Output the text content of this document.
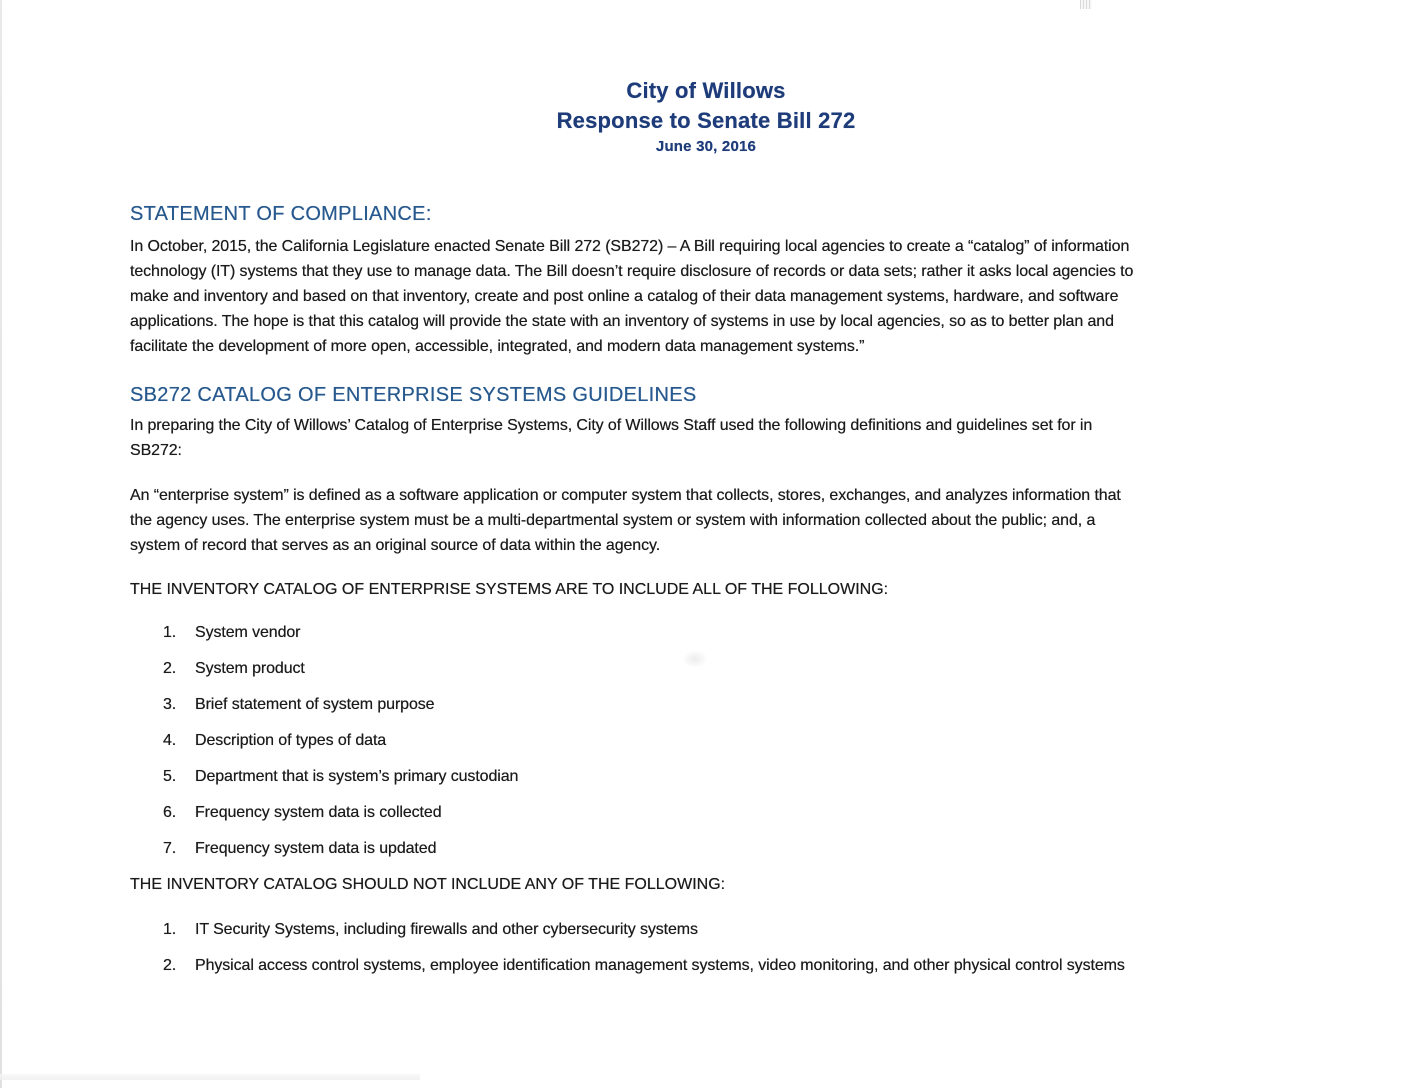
City of Willows
Response to Senate Bill 272
June 30, 2016
STATEMENT OF COMPLIANCE:
In October, 2015, the California Legislature enacted Senate Bill 272 (SB272) – A Bill requiring local agencies to create a “catalog” of information
technology (IT) systems that they use to manage data. The Bill doesn’t require disclosure of records or data sets; rather it asks local agencies to
make and inventory and based on that inventory, create and post online a catalog of their data management systems, hardware, and software
applications. The hope is that this catalog will provide the state with an inventory of systems in use by local agencies, so as to better plan and
facilitate the development of more open, accessible, integrated, and modern data management systems.”
SB272 CATALOG OF ENTERPRISE SYSTEMS GUIDELINES
In preparing the City of Willows’ Catalog of Enterprise Systems, City of Willows Staff used the following definitions and guidelines set for in
SB272:
An “enterprise system” is defined as a software application or computer system that collects, stores, exchanges, and analyzes information that
the agency uses. The enterprise system must be a multi-departmental system or system with information collected about the public; and, a
system of record that serves as an original source of data within the agency.
THE INVENTORY CATALOG OF ENTERPRISE SYSTEMS ARE TO INCLUDE ALL OF THE FOLLOWING:
1.	System vendor
2.	System product
3.	Brief statement of system purpose
4.	Description of types of data
5.	Department that is system’s primary custodian
6.	Frequency system data is collected
7.	Frequency system data is updated
THE INVENTORY CATALOG SHOULD NOT INCLUDE ANY OF THE FOLLOWING:
1.	IT Security Systems, including firewalls and other cybersecurity systems
2.	Physical access control systems, employee identification management systems, video monitoring, and other physical control systems
